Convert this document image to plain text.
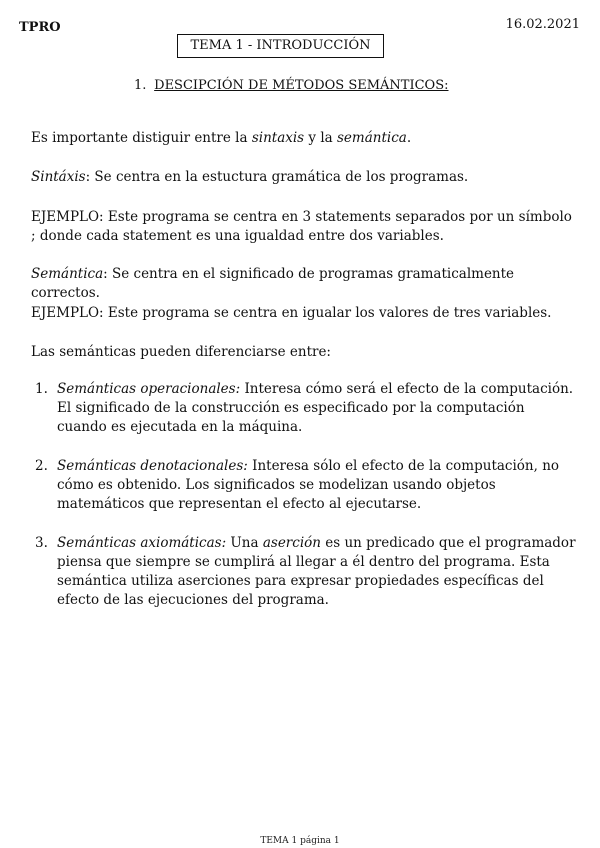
TPRO	16.02.2021
TEMA 1 - INTRODUCCIÓN
1. DESCIPCIÓN DE MÉTODOS SEMÁNTICOS:

Es importante distiguir entre la sintaxis y la semántica.

Sintáxis: Se centra en la estuctura gramática de los programas.

EJEMPLO: Este programa se centra en 3 statements separados por un símbolo ; donde cada statement es una igualdad entre dos variables.

Semántica: Se centra en el significado de programas gramaticalmente correctos.

EJEMPLO: Este programa se centra en igualar los valores de tres variables.

Las semánticas pueden diferenciarse entre:

1. Semánticas operacionales: Interesa cómo será el efecto de la computación. El significado de la construcción es especificado por la computación cuando es ejecutada en la máquina.
2. Semánticas denotacionales: Interesa sólo el efecto de la computación, no cómo es obtenido. Los significados se modelizan usando objetos matemáticos que representan el efecto al ejecutarse.
3. Semánticas axiomáticas: Una aserción es un predicado que el programador piensa que siempre se cumplirá al llegar a él dentro del programa. Esta semántica utiliza aserciones para expresar propiedades específicas del efecto de las ejecuciones del programa.
TEMA 1 página 1
